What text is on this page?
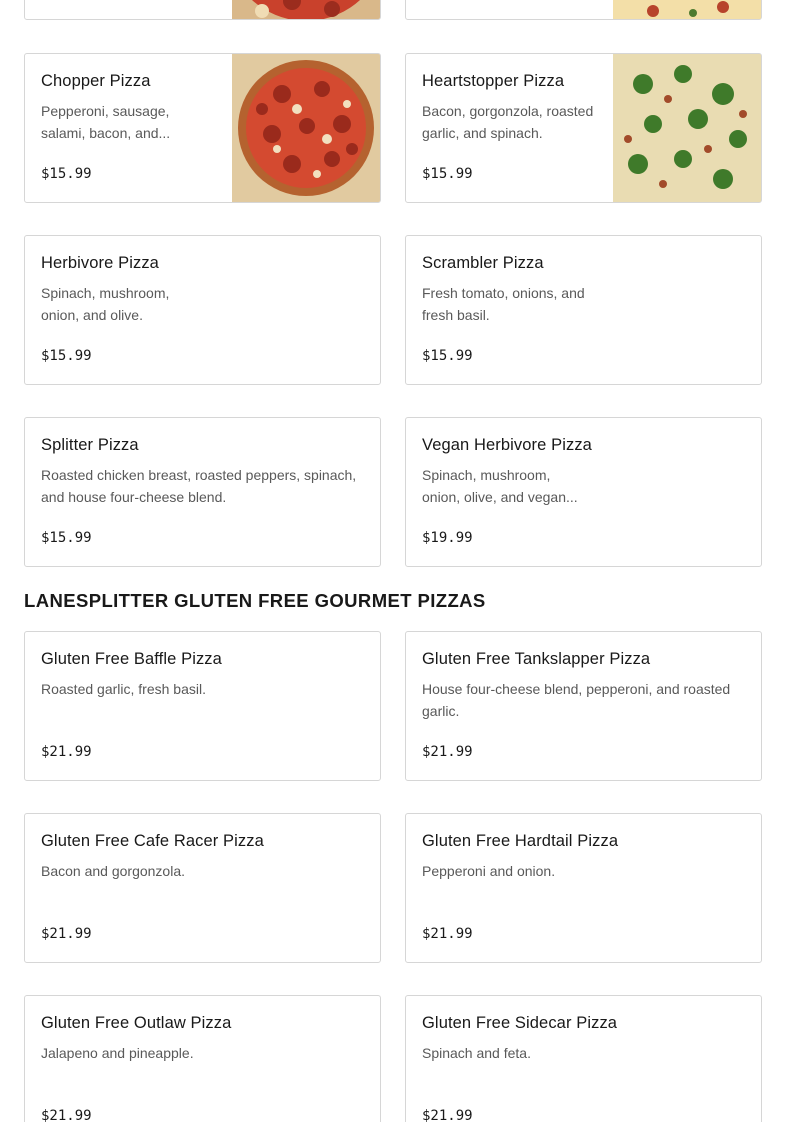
Chopper Pizza
Pepperoni, sausage,
salami, bacon, and...
$15.99
Heartstopper Pizza
Bacon, gorgonzola, roasted
garlic, and spinach.
$15.99
Herbivore Pizza
Spinach, mushroom,
onion, and olive.
$15.99
Scrambler Pizza
Fresh tomato, onions, and
fresh basil.
$15.99
Splitter Pizza
Roasted chicken breast, roasted peppers, spinach,
and house four-cheese blend.
$15.99
Vegan Herbivore Pizza
Spinach, mushroom,
onion, olive, and vegan...
$19.99
LANESPLITTER GLUTEN FREE GOURMET PIZZAS
Gluten Free Baffle Pizza
Roasted garlic, fresh basil.
$21.99
Gluten Free Tankslapper Pizza
House four-cheese blend, pepperoni, and roasted
garlic.
$21.99
Gluten Free Cafe Racer Pizza
Bacon and gorgonzola.
$21.99
Gluten Free Hardtail Pizza
Pepperoni and onion.
$21.99
Gluten Free Outlaw Pizza
Jalapeno and pineapple.
$21.99
Gluten Free Sidecar Pizza
Spinach and feta.
$21.99
